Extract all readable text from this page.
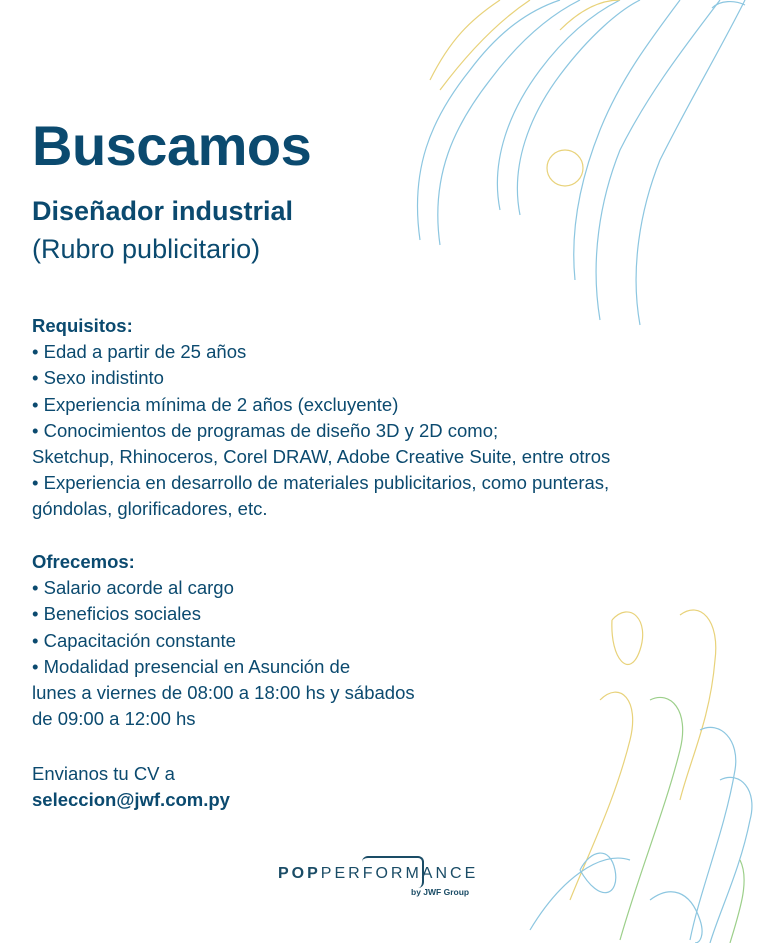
Buscamos
Diseñador industrial
(Rubro publicitario)
Requisitos:
• Edad a partir de 25 años
• Sexo indistinto
• Experiencia mínima de 2 años (excluyente)
• Conocimientos de programas de diseño 3D y 2D como;
Sketchup, Rhinoceros, Corel DRAW, Adobe Creative Suite, entre otros
• Experiencia en desarrollo de materiales publicitarios, como punteras,
góndolas, glorificadores, etc.
Ofrecemos:
• Salario acorde al cargo
• Beneficios sociales
• Capacitación constante
• Modalidad presencial en Asunción de
lunes a viernes de 08:00 a 18:00 hs y sábados
de 09:00 a 12:00 hs
Envianos tu CV a
seleccion@jwf.com.py
POPPERFORMANCE
by JWF Group
